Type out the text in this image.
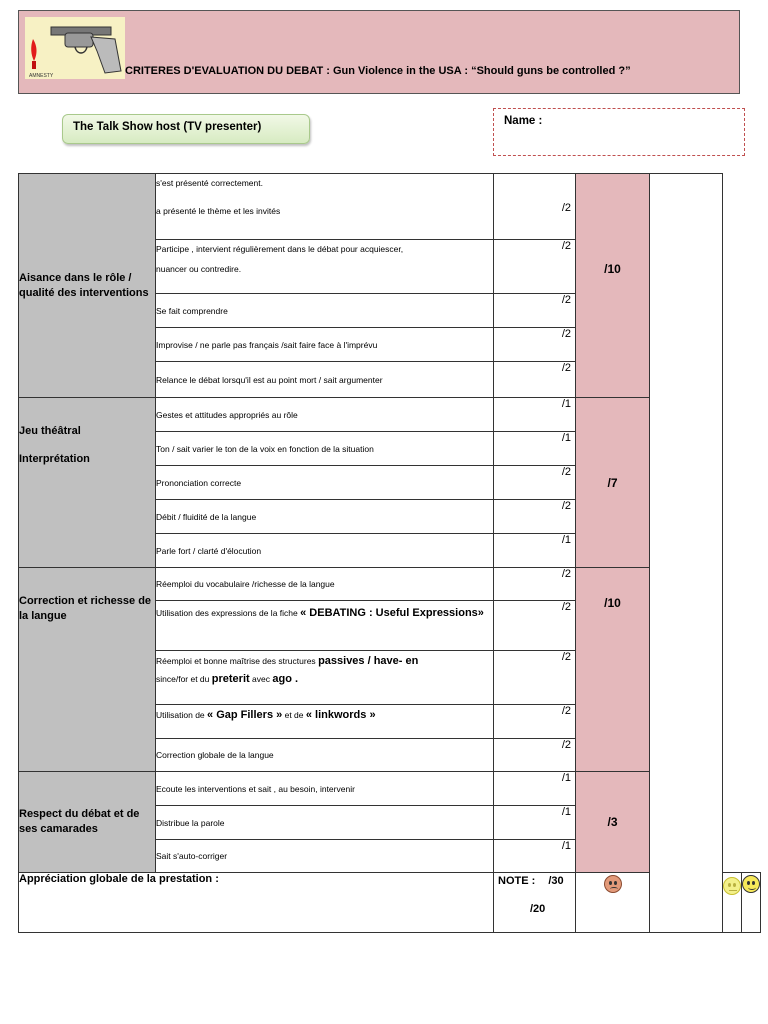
AMNESTY	CRITERES D'EVALUATION DU DEBAT : Gun Violence in the USA : “Should guns be controlled ?”
The Talk Show host (TV presenter)	Name :
Aisance dans le rôle / qualité des interventions	s'est présenté correctement.
a présenté le thème et les invités	/2	/10			

	Participe , intervient régulièrement dans le débat pour acquiescer,
nuancer ou contredire.	/2				
	Se fait comprendre	/2				
	Improvise / ne parle pas français /sait faire face à l'imprévu	/2				
	Relance le débat lorsqu'il est au point mort / sait argumenter	/2				

Jeu théâtral
Interprétation	Gestes et attitudes appropriés au rôle	/1	/7			
	Ton / sait varier le ton de la voix en fonction de la situation	/1				
	Prononciation correcte	/2				
	Débit / fluidité de la langue	/2				
	Parle fort / clarté d'élocution	/1				

Correction et richesse de la langue	Réemploi du vocabulaire /richesse de la langue	/2	/10			

	Utilisation des expressions de la fiche « DEBATING : Useful Expressions»	/2				

	Réemploi et bonne maîtrise des structures passives / have- en
since/for et du preterit avec ago .	/2				

	Utilisation de « Gap Fillers » et de « linkwords »	/2				
	Correction globale de la langue	/2				
Respect du débat et de ses camarades	Ecoute les interventions et sait , au besoin, intervenir	/1	/3			
	Distribue la parole	/1				
	Sait s'auto-corriger	/1				
Appréciation globale de la prestation :		NOTE : /30
/20				
